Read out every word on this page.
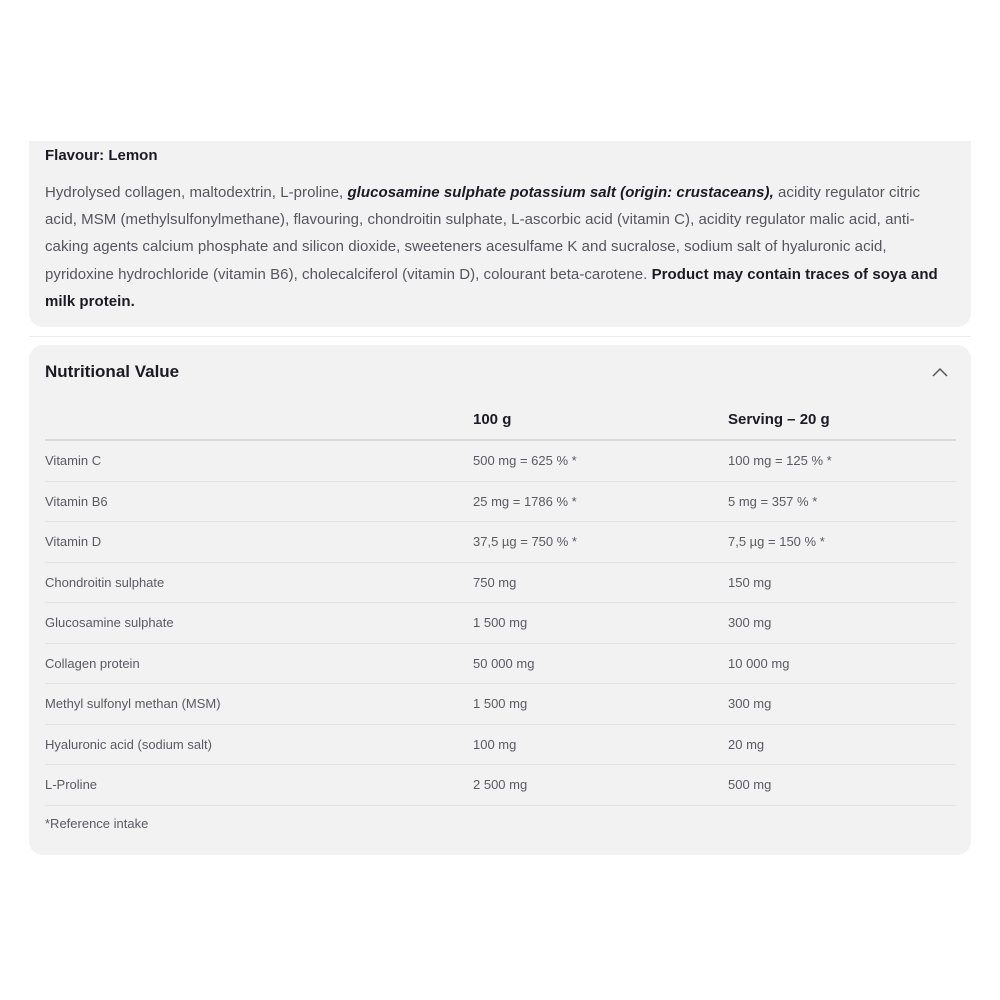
Flavour: Lemon

Hydrolysed collagen, maltodextrin, L-proline, glucosamine sulphate potassium salt (origin: crustaceans), acidity regulator citric acid, MSM (methylsulfonylmethane), flavouring, chondroitin sulphate, L-ascorbic acid (vitamin C), acidity regulator malic acid, anti-caking agents calcium phosphate and silicon dioxide, sweeteners acesulfame K and sucralose, sodium salt of hyaluronic acid, pyridoxine hydrochloride (vitamin B6), cholecalciferol (vitamin D), colourant beta-carotene. Product may contain traces of soya and milk protein.
Nutritional Value
	100 g	Serving – 20 g
Vitamin C	500 mg = 625 % *	100 mg = 125 % *
Vitamin B6	25 mg = 1786 % *	5 mg = 357 % *
Vitamin D	37,5 µg = 750 % *	7,5 µg = 150 % *
Chondroitin sulphate	750 mg	150 mg
Glucosamine sulphate	1 500 mg	300 mg
Collagen protein	50 000 mg	10 000 mg
Methyl sulfonyl methan (MSM)	1 500 mg	300 mg
Hyaluronic acid (sodium salt)	100 mg	20 mg
L-Proline	2 500 mg	500 mg
*Reference intake
